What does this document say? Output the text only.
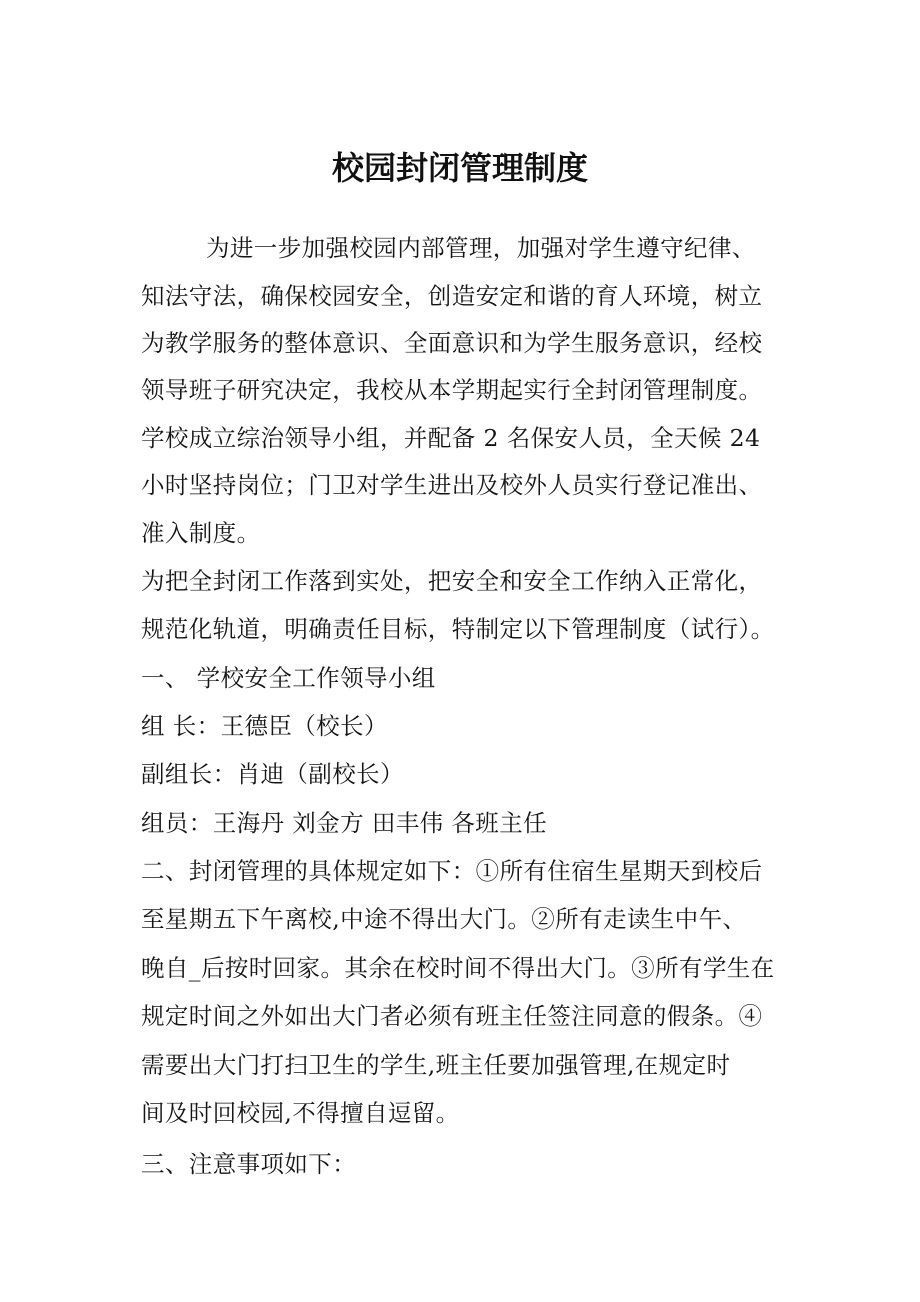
校园封闭管理制度

为进一步加强校园内部管理，加强对学生遵守纪律、

知法守法，确保校园安全，创造安定和谐的育人环境，树立

为教学服务的整体意识、全面意识和为学生服务意识，经校

领导班子研究决定，我校从本学期起实行全封闭管理制度。

学校成立综治领导小组，并配备 2 名保安人员，全天候 24

小时坚持岗位；门卫对学生进出及校外人员实行登记准出、

准入制度。

为把全封闭工作落到实处，把安全和安全工作纳入正常化，

规范化轨道，明确责任目标，特制定以下管理制度（试行）。

一、 学校安全工作领导小组

组 长：王德臣（校长）

副组长：肖迪（副校长）

组员：王海丹 刘金方 田丰伟 各班主任

二、封闭管理的具体规定如下：①所有住宿生星期天到校后

至星期五下午离校,中途不得出大门。②所有走读生中午、

晚自_后按时回家。其余在校时间不得出大门。③所有学生在

规定时间之外如出大门者必须有班主任签注同意的假条。④

需要出大门打扫卫生的学生,班主任要加强管理,在规定时

间及时回校园,不得擅自逗留。

三、注意事项如下：
